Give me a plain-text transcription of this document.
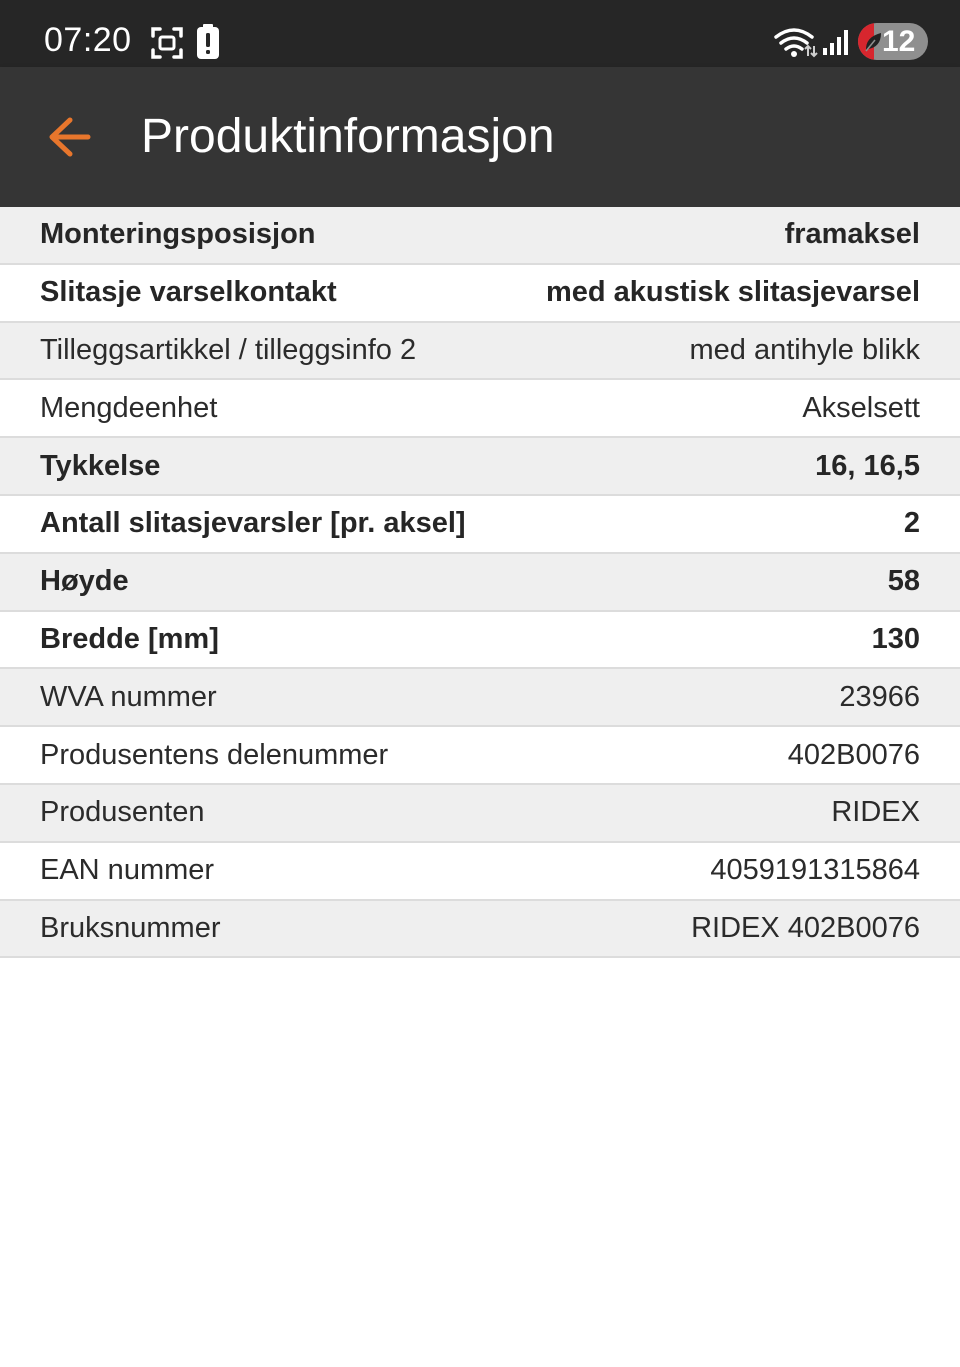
07:20	12
Produktinformasjon
Monteringsposisjon	framaksel
Slitasje varselkontakt	med akustisk slitasjevarsel
Tilleggsartikkel / tilleggsinfo 2	med antihyle blikk
Mengdeenhet	Akselsett
Tykkelse	16, 16,5
Antall slitasjevarsler [pr. aksel]	2
Høyde	58
Bredde [mm]	130
WVA nummer	23966
Produsentens delenummer	402B0076
Produsenten	RIDEX
EAN nummer	4059191315864
Bruksnummer	RIDEX 402B0076
